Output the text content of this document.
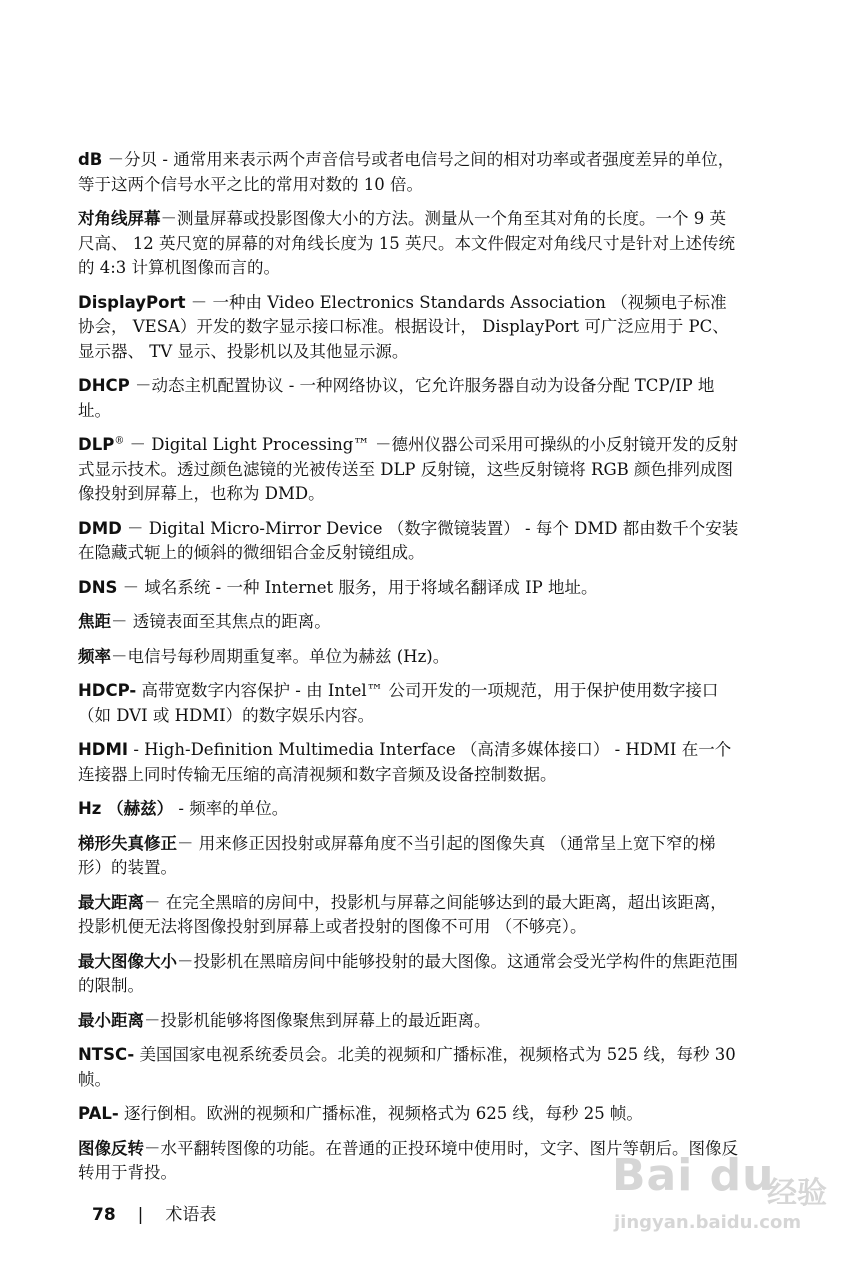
dB －分贝 - 通常用来表示两个声音信号或者电信号之间的相对功率或者强度差异的单位，等于这两个信号水平之比的常用对数的 10 倍。

对角线屏幕－测量屏幕或投影图像大小的方法。测量从一个角至其对角的长度。一个 9 英尺高、 12 英尺宽的屏幕的对角线长度为 15 英尺。本文件假定对角线尺寸是针对上述传统的 4:3 计算机图像而言的。

DisplayPort － 一种由 Video Electronics Standards Association （视频电子标准协会， VESA）开发的数字显示接口标准。根据设计， DisplayPort 可广泛应用于 PC、显示器、 TV 显示、投影机以及其他显示源。

DHCP －动态主机配置协议 - 一种网络协议，它允许服务器自动为设备分配 TCP/IP 地址。

DLP® － Digital Light Processing™ －德州仪器公司采用可操纵的小反射镜开发的反射式显示技术。透过颜色滤镜的光被传送至 DLP 反射镜，这些反射镜将 RGB 颜色排列成图像投射到屏幕上，也称为 DMD。

DMD － Digital Micro-Mirror Device （数字微镜装置） - 每个 DMD 都由数千个安装在隐藏式轭上的倾斜的微细铝合金反射镜组成。

DNS － 域名系统 - 一种 Internet 服务，用于将域名翻译成 IP 地址。

焦距－ 透镜表面至其焦点的距离。

频率－电信号每秒周期重复率。单位为赫兹 (Hz)。

HDCP- 高带宽数字内容保护 - 由 Intel™ 公司开发的一项规范，用于保护使用数字接口 （如 DVI 或 HDMI）的数字娱乐内容。

HDMI - High-Definition Multimedia Interface （高清多媒体接口） - HDMI 在一个连接器上同时传输无压缩的高清视频和数字音频及设备控制数据。

Hz （赫兹） - 频率的单位。

梯形失真修正－ 用来修正因投射或屏幕角度不当引起的图像失真 （通常呈上宽下窄的梯形）的装置。

最大距离－ 在完全黑暗的房间中，投影机与屏幕之间能够达到的最大距离，超出该距离，投影机便无法将图像投射到屏幕上或者投射的图像不可用 （不够亮）。

最大图像大小－投影机在黑暗房间中能够投射的最大图像。这通常会受光学构件的焦距范围的限制。

最小距离－投影机能够将图像聚焦到屏幕上的最近距离。

NTSC- 美国国家电视系统委员会。北美的视频和广播标准，视频格式为 525 线，每秒 30 帧。

PAL- 逐行倒相。欧洲的视频和广播标准，视频格式为 625 线，每秒 25 帧。

图像反转－水平翻转图像的功能。在普通的正投环境中使用时，文字、图片等朝后。图像反转用于背投。

78 | 术语表
Bai du
经验
jingyan.baidu.com
